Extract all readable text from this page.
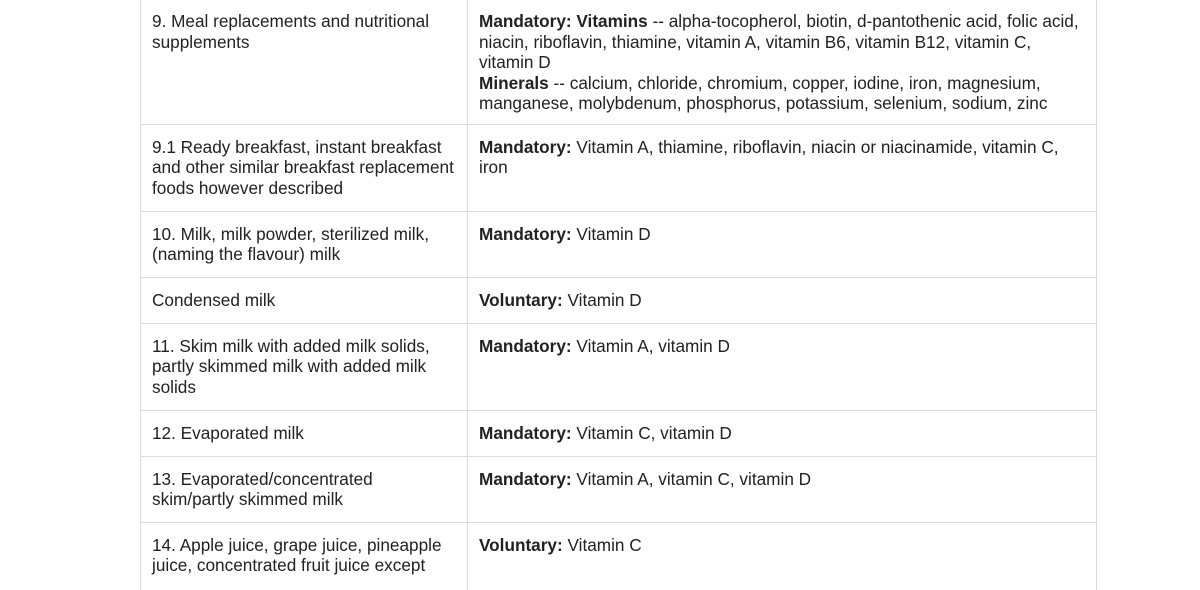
9. Meal replacements and nutritional supplements	Mandatory: Vitamins -- alpha-tocopherol, biotin, d-pantothenic acid, folic acid, niacin, riboflavin, thiamine, vitamin A, vitamin B6, vitamin B12, vitamin C, vitamin D
Minerals -- calcium, chloride, chromium, copper, iodine, iron, magnesium, manganese, molybdenum, phosphorus, potassium, selenium, sodium, zinc

9.1 Ready breakfast, instant breakfast and other similar breakfast replacement foods however described	Mandatory: Vitamin A, thiamine, riboflavin, niacin or niacinamide, vitamin C, iron

10. Milk, milk powder, sterilized milk, (naming the flavour) milk	Mandatory: Vitamin D

Condensed milk	Voluntary: Vitamin D

11. Skim milk with added milk solids, partly skimmed milk with added milk solids	Mandatory: Vitamin A, vitamin D

12. Evaporated milk	Mandatory: Vitamin C, vitamin D

13. Evaporated/concentrated skim/partly skimmed milk	Mandatory: Vitamin A, vitamin C, vitamin D

14. Apple juice, grape juice, pineapple juice, concentrated fruit juice except	Voluntary: Vitamin C
